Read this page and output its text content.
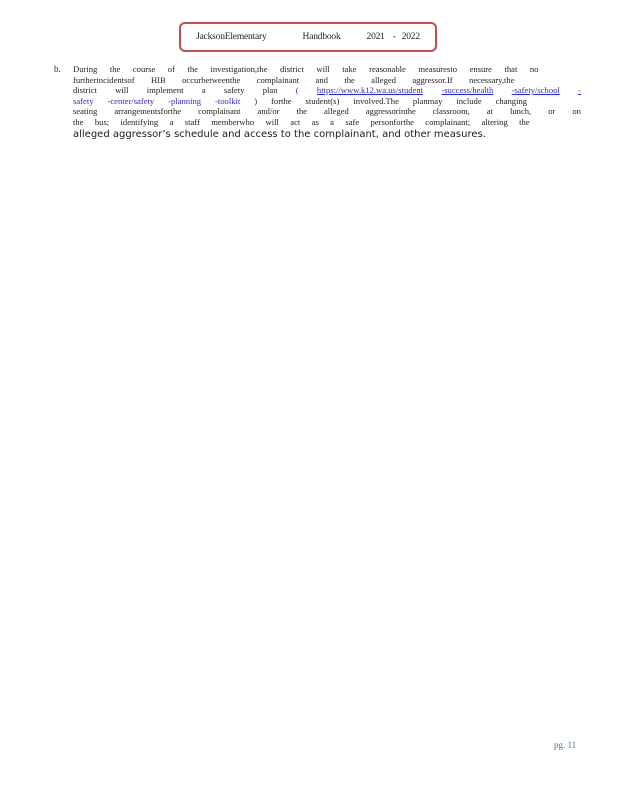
JacksonElementary	Handbook	2021 - 2022
b. During the course of the investigation,the district will take reasonable measuresto ensure that no
furtherincidentsof HIB occurbetweenthe complainant and the alleged aggressor.If necessary,the
district will implement a safety plan ( https://www.k12.wa.us/student -success/health -safety/school -
safety -center/safety -planning -toolkit ) forthe student(s) involved.The planmay include changing
seating arrangementsforthe complainant and/or the alleged aggressorinthe classroom, at lunch, or on
the bus; identifying a staff memberwho will act as a safe personforthe complainant; altering the
alleged aggressor’s schedule and access to the complainant, and other measures.
pg. 11
